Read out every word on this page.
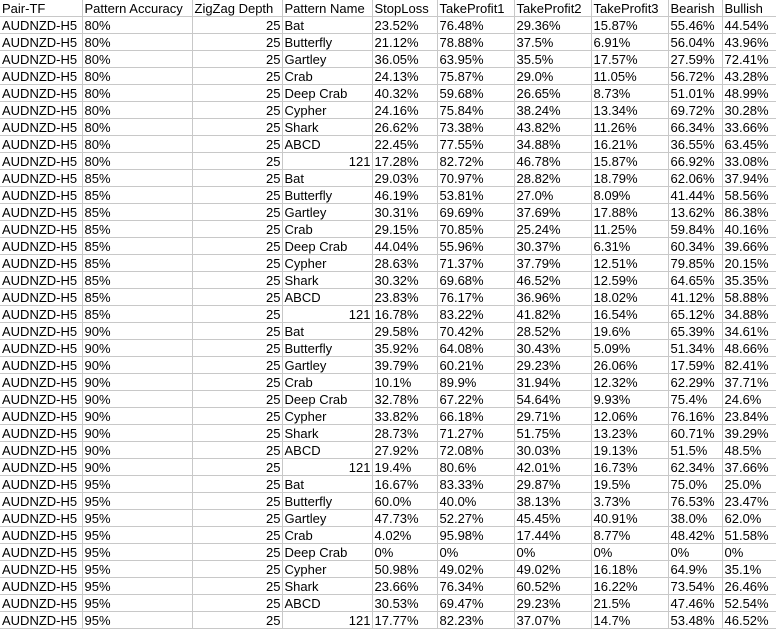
Pair-TF	Pattern Accuracy	ZigZag Depth	Pattern Name	StopLoss	TakeProfit1	TakeProfit2	TakeProfit3	Bearish	Bullish
AUDNZD-H5	80%	25	Bat	23.52%	76.48%	29.36%	15.87%	55.46%	44.54%
AUDNZD-H5	80%	25	Butterfly	21.12%	78.88%	37.5%	6.91%	56.04%	43.96%
AUDNZD-H5	80%	25	Gartley	36.05%	63.95%	35.5%	17.57%	27.59%	72.41%
AUDNZD-H5	80%	25	Crab	24.13%	75.87%	29.0%	11.05%	56.72%	43.28%
AUDNZD-H5	80%	25	Deep Crab	40.32%	59.68%	26.65%	8.73%	51.01%	48.99%
AUDNZD-H5	80%	25	Cypher	24.16%	75.84%	38.24%	13.34%	69.72%	30.28%
AUDNZD-H5	80%	25	Shark	26.62%	73.38%	43.82%	11.26%	66.34%	33.66%
AUDNZD-H5	80%	25	ABCD	22.45%	77.55%	34.88%	16.21%	36.55%	63.45%
AUDNZD-H5	80%	25	121	17.28%	82.72%	46.78%	15.87%	66.92%	33.08%
AUDNZD-H5	85%	25	Bat	29.03%	70.97%	28.82%	18.79%	62.06%	37.94%
AUDNZD-H5	85%	25	Butterfly	46.19%	53.81%	27.0%	8.09%	41.44%	58.56%
AUDNZD-H5	85%	25	Gartley	30.31%	69.69%	37.69%	17.88%	13.62%	86.38%
AUDNZD-H5	85%	25	Crab	29.15%	70.85%	25.24%	11.25%	59.84%	40.16%
AUDNZD-H5	85%	25	Deep Crab	44.04%	55.96%	30.37%	6.31%	60.34%	39.66%
AUDNZD-H5	85%	25	Cypher	28.63%	71.37%	37.79%	12.51%	79.85%	20.15%
AUDNZD-H5	85%	25	Shark	30.32%	69.68%	46.52%	12.59%	64.65%	35.35%
AUDNZD-H5	85%	25	ABCD	23.83%	76.17%	36.96%	18.02%	41.12%	58.88%
AUDNZD-H5	85%	25	121	16.78%	83.22%	41.82%	16.54%	65.12%	34.88%
AUDNZD-H5	90%	25	Bat	29.58%	70.42%	28.52%	19.6%	65.39%	34.61%
AUDNZD-H5	90%	25	Butterfly	35.92%	64.08%	30.43%	5.09%	51.34%	48.66%
AUDNZD-H5	90%	25	Gartley	39.79%	60.21%	29.23%	26.06%	17.59%	82.41%
AUDNZD-H5	90%	25	Crab	10.1%	89.9%	31.94%	12.32%	62.29%	37.71%
AUDNZD-H5	90%	25	Deep Crab	32.78%	67.22%	54.64%	9.93%	75.4%	24.6%
AUDNZD-H5	90%	25	Cypher	33.82%	66.18%	29.71%	12.06%	76.16%	23.84%
AUDNZD-H5	90%	25	Shark	28.73%	71.27%	51.75%	13.23%	60.71%	39.29%
AUDNZD-H5	90%	25	ABCD	27.92%	72.08%	30.03%	19.13%	51.5%	48.5%
AUDNZD-H5	90%	25	121	19.4%	80.6%	42.01%	16.73%	62.34%	37.66%
AUDNZD-H5	95%	25	Bat	16.67%	83.33%	29.87%	19.5%	75.0%	25.0%
AUDNZD-H5	95%	25	Butterfly	60.0%	40.0%	38.13%	3.73%	76.53%	23.47%
AUDNZD-H5	95%	25	Gartley	47.73%	52.27%	45.45%	40.91%	38.0%	62.0%
AUDNZD-H5	95%	25	Crab	4.02%	95.98%	17.44%	8.77%	48.42%	51.58%
AUDNZD-H5	95%	25	Deep Crab	0%	0%	0%	0%	0%	0%
AUDNZD-H5	95%	25	Cypher	50.98%	49.02%	49.02%	16.18%	64.9%	35.1%
AUDNZD-H5	95%	25	Shark	23.66%	76.34%	60.52%	16.22%	73.54%	26.46%
AUDNZD-H5	95%	25	ABCD	30.53%	69.47%	29.23%	21.5%	47.46%	52.54%
AUDNZD-H5	95%	25	121	17.77%	82.23%	37.07%	14.7%	53.48%	46.52%
